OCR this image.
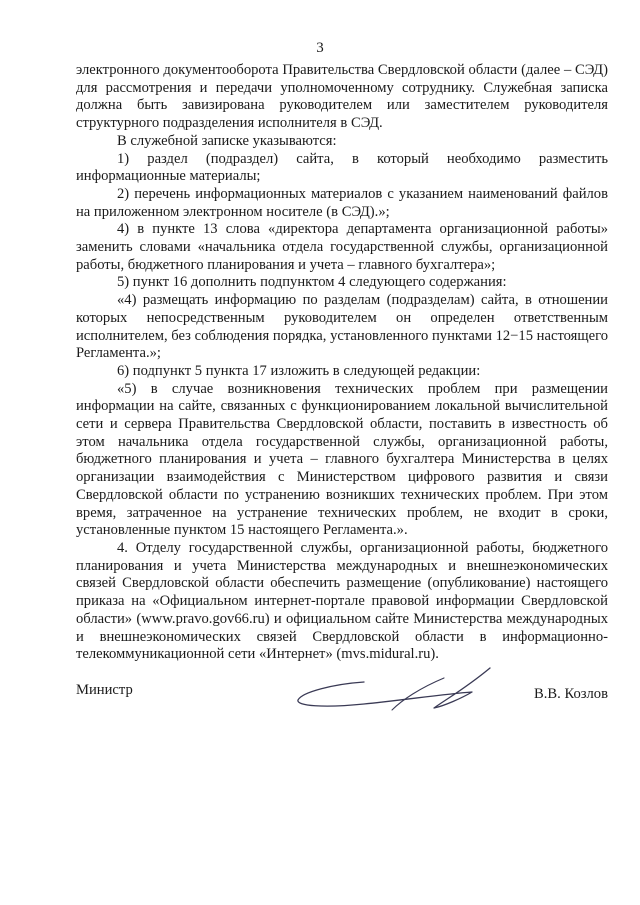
3

электронного документооборота Правительства Свердловской области (далее – СЭД) для рассмотрения и передачи уполномоченному сотруднику. Служебная записка должна быть завизирована руководителем или заместителем руководителя структурного подразделения исполнителя в СЭД.

В служебной записке указываются:

1) раздел (подраздел) сайта, в который необходимо разместить информационные материалы;

2) перечень информационных материалов с указанием наименований файлов на приложенном электронном носителе (в СЭД).»;

4) в пункте 13 слова «директора департамента организационной работы» заменить словами «начальника отдела государственной службы, организационной работы, бюджетного планирования и учета – главного бухгалтера»;

5) пункт 16 дополнить подпунктом 4 следующего содержания:

«4) размещать информацию по разделам (подразделам) сайта, в отношении которых непосредственным руководителем он определен ответственным исполнителем, без соблюдения порядка, установленного пунктами 12−15 настоящего Регламента.»;

6) подпункт 5 пункта 17 изложить в следующей редакции:

«5) в случае возникновения технических проблем при размещении информации на сайте, связанных с функционированием локальной вычислительной сети и сервера Правительства Свердловской области, поставить в известность об этом начальника отдела государственной службы, организационной работы, бюджетного планирования и учета – главного бухгалтера Министерства в целях организации взаимодействия с Министерством цифрового развития и связи Свердловской области по устранению возникших технических проблем. При этом время, затраченное на устранение технических проблем, не входит в сроки, установленные пунктом 15 настоящего Регламента.».

4. Отделу государственной службы, организационной работы, бюджетного планирования и учета Министерства международных и внешнеэкономических связей Свердловской области обеспечить размещение (опубликование) настоящего приказа на «Официальном интернет-портале правовой информации Свердловской области» (www.pravo.gov66.ru) и официальном сайте Министерства международных и внешнеэкономических связей Свердловской области в информационно-телекоммуникационной сети «Интернет» (mvs.midural.ru).

Министр	В.В. Козлов
